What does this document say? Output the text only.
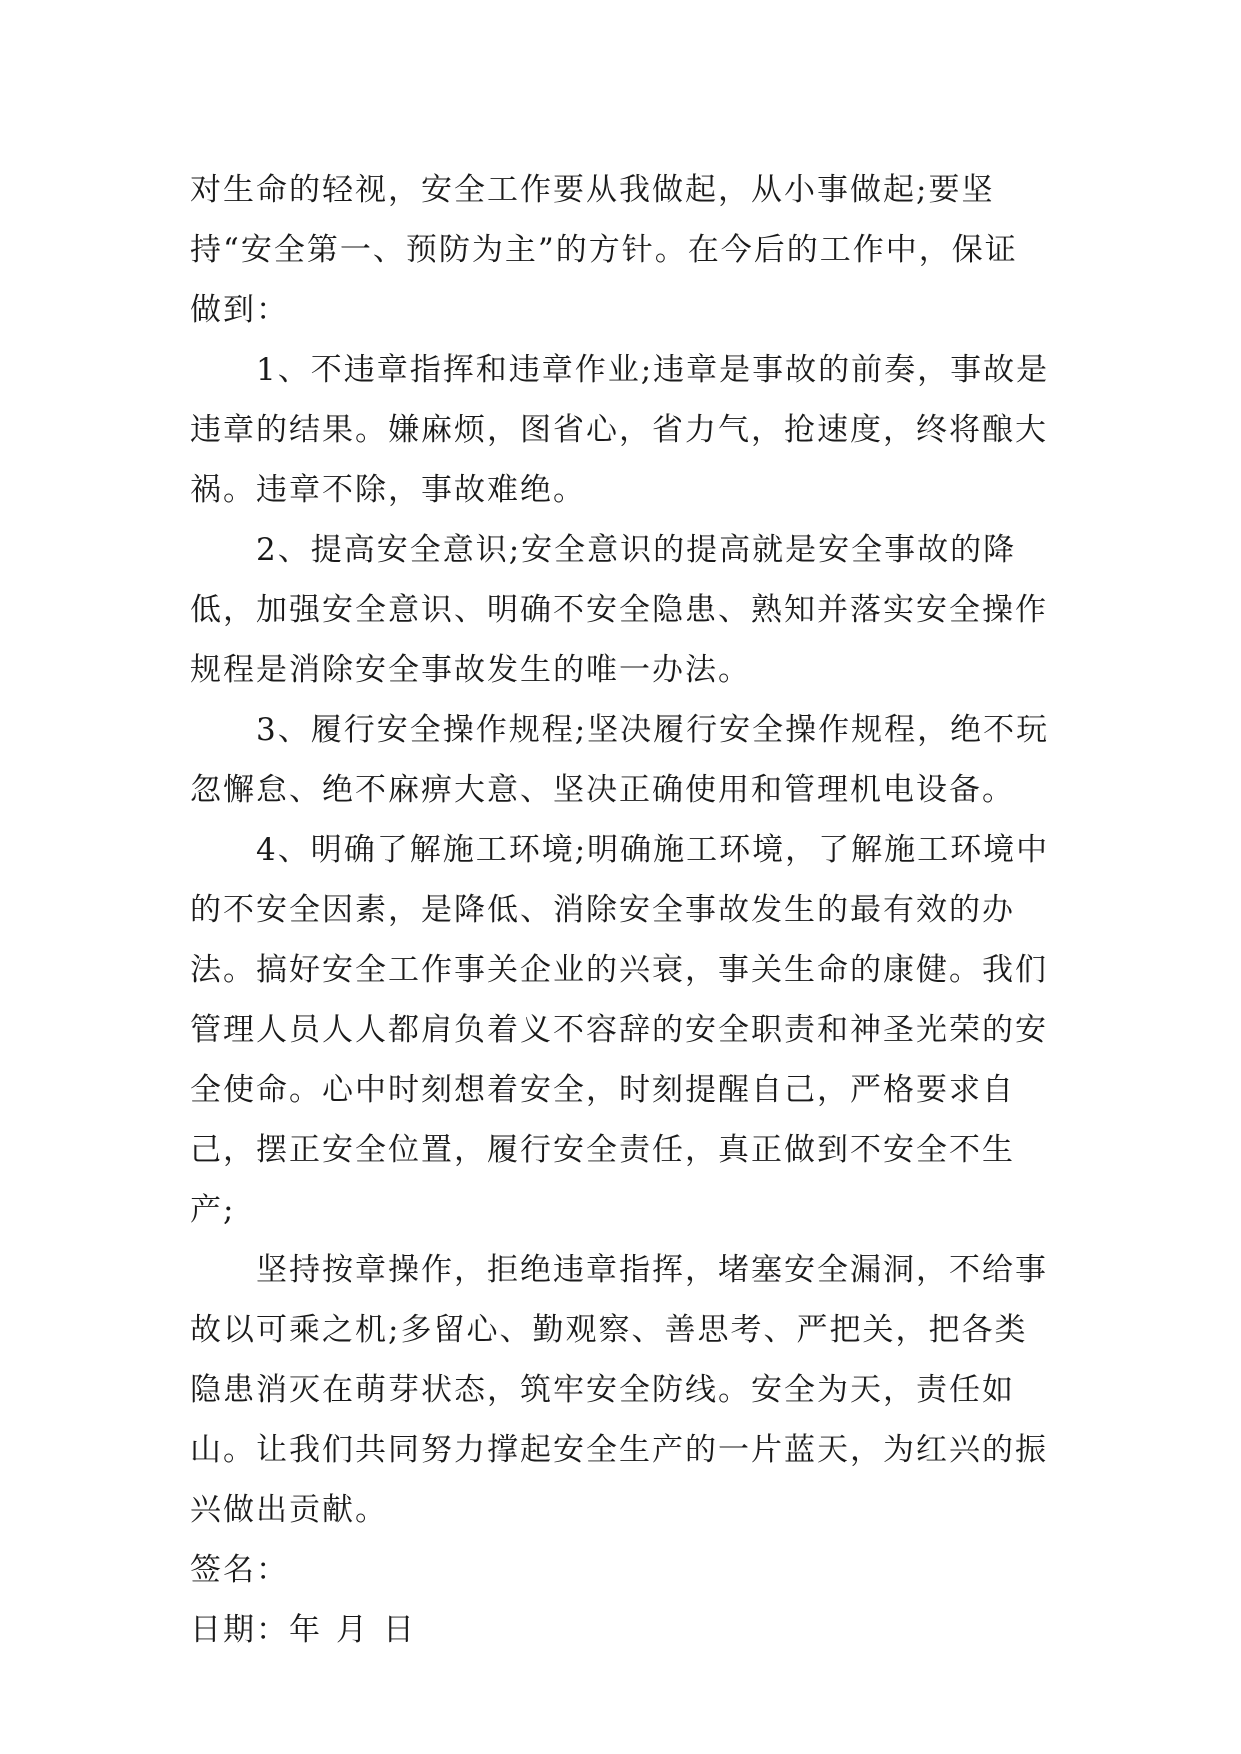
对生命的轻视，安全工作要从我做起，从小事做起;要坚持“安全第一、预防为主”的方针。在今后的工作中，保证做到：

1、不违章指挥和违章作业;违章是事故的前奏，事故是违章的结果。嫌麻烦，图省心，省力气，抢速度，终将酿大祸。违章不除，事故难绝。

2、提高安全意识;安全意识的提高就是安全事故的降低，加强安全意识、明确不安全隐患、熟知并落实安全操作规程是消除安全事故发生的唯一办法。

3、履行安全操作规程;坚决履行安全操作规程，绝不玩忽懈怠、绝不麻痹大意、坚决正确使用和管理机电设备。

4、明确了解施工环境;明确施工环境，了解施工环境中的不安全因素，是降低、消除安全事故发生的最有效的办法。搞好安全工作事关企业的兴衰，事关生命的康健。我们管理人员人人都肩负着义不容辞的安全职责和神圣光荣的安全使命。心中时刻想着安全，时刻提醒自己，严格要求自己，摆正安全位置，履行安全责任，真正做到不安全不生产;

坚持按章操作，拒绝违章指挥，堵塞安全漏洞，不给事故以可乘之机;多留心、勤观察、善思考、严把关，把各类隐患消灭在萌芽状态，筑牢安全防线。安全为天，责任如山。让我们共同努力撑起安全生产的一片蓝天，为红兴的振兴做出贡献。

签名：

日期：年 月 日
